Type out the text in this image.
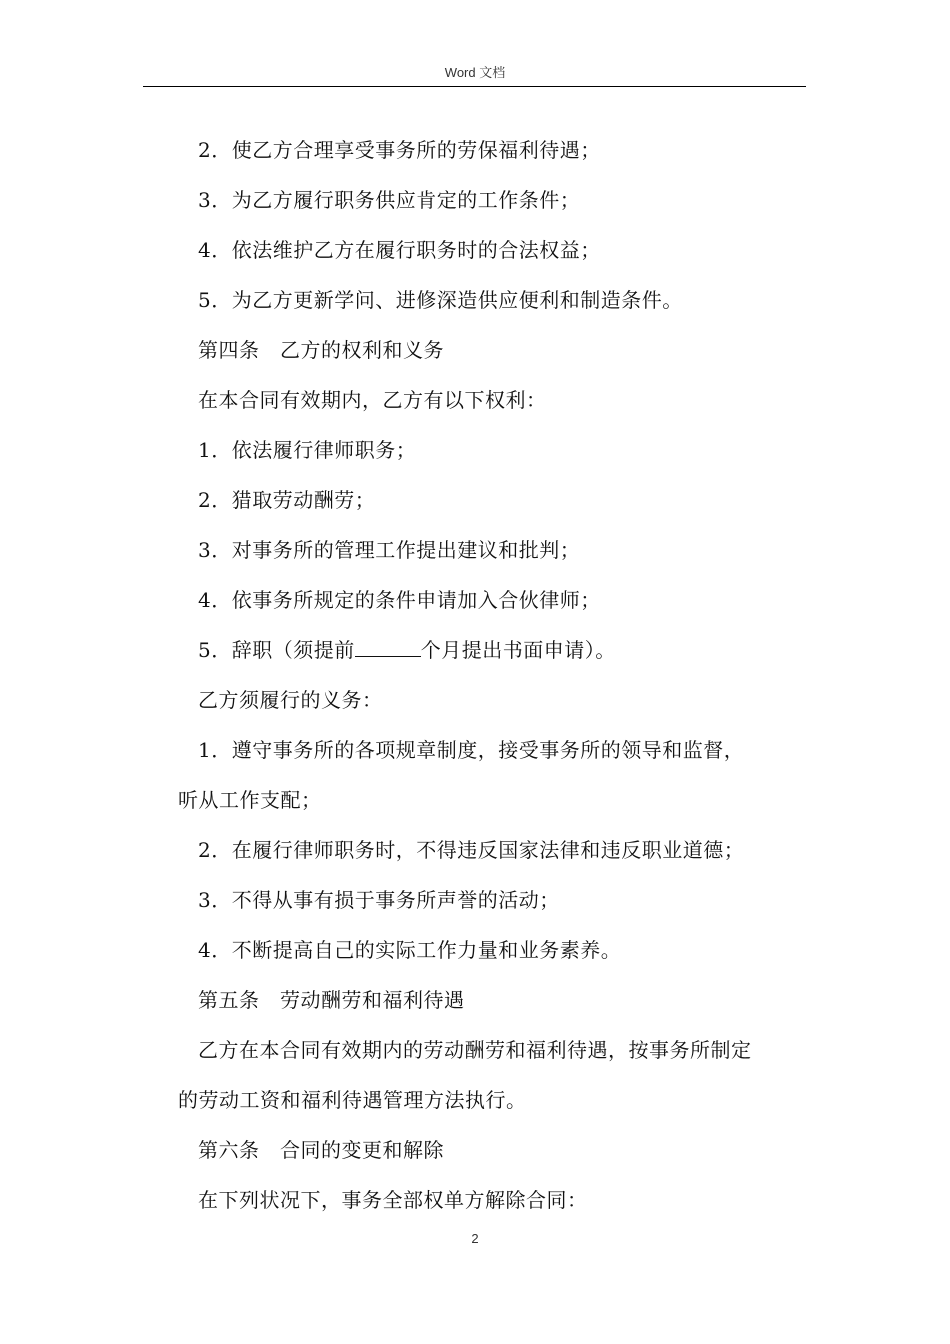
Word 文档
2．使乙方合理享受事务所的劳保福利待遇；
3．为乙方履行职务供应肯定的工作条件；
4．依法维护乙方在履行职务时的合法权益；
5．为乙方更新学问、进修深造供应便利和制造条件。
第四条　乙方的权利和义务
在本合同有效期内，乙方有以下权利：
1．依法履行律师职务；
2．猎取劳动酬劳；
3．对事务所的管理工作提出建议和批判；
4．依事务所规定的条件申请加入合伙律师；
5．辞职（须提前	个月提出书面申请）。
乙方须履行的义务：
1．遵守事务所的各项规章制度，接受事务所的领导和监督，
听从工作支配；
2．在履行律师职务时，不得违反国家法律和违反职业道德；
3．不得从事有损于事务所声誉的活动；
4．不断提高自己的实际工作力量和业务素养。
第五条　劳动酬劳和福利待遇
乙方在本合同有效期内的劳动酬劳和福利待遇，按事务所制定
的劳动工资和福利待遇管理方法执行。
第六条　合同的变更和解除
在下列状况下，事务全部权单方解除合同：
2
